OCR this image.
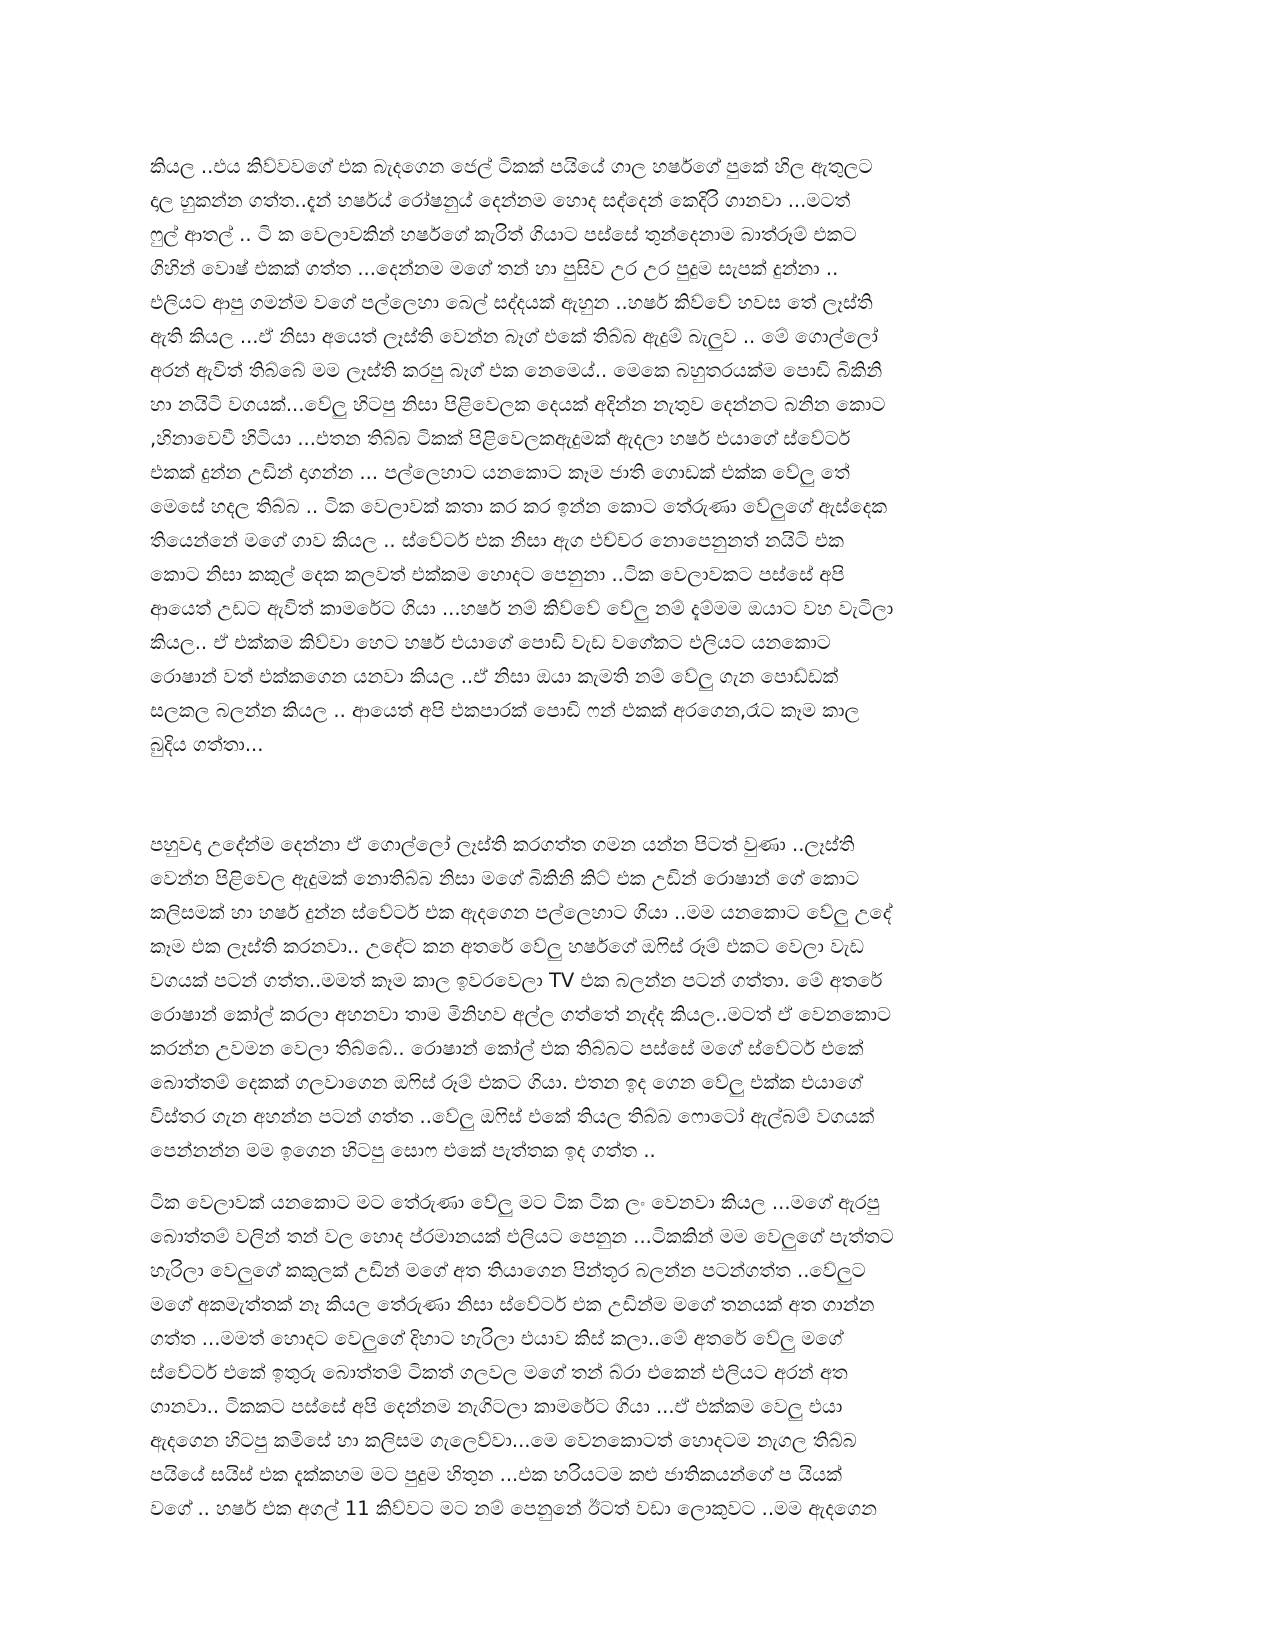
කියල ..එය කිව්වවගේ එක බැදගෙන ජෙල් ටිකක් පයියේ ගාල හර්ෂගේ පුකේ හිල ඇතුලට
දාල හුකන්න ගත්ත..දැන් හර්ෂය් රෝෂනුය් දෙන්නම හොද සද්දෙන් කෙදිරි ගානවා ...මටත්
ෆුල් ආතල් .. ටි ක වෙලාවකින් හර්ෂගේ කැරිත් ගියාට පස්සේ තුන්දෙනාම බාත්රූම් එකට
ගිහින් වොෂ් එකක් ගත්ත ...දෙන්නම මගේ තන් හා පුසිව උර උර පුදුම සැපක් දුන්නා ..
එලියට ආපු ගමන්ම වගේ පල්ලෙහා බෙල් සද්දයක් ඇහුන ..හර්ෂ කිව්වේ හවස තේ ලෑස්ති
ඇති කියල ...ඒ නිසා අයෙත් ලෑස්ති වෙන්න බෑග් එකේ තිබ්බ ඇදුම් බැලුව .. මේ ගොල්ලෝ
අරන් ඇවිත් තිබ්බේ මම ලෑස්ති කරපු බෑග් එක නෙමෙය්.. මෙකෙ බහුතරයක්ම පොඩි බිකිනි
හා නයිටි වගයක්...වේලු හිටපු නිසා පිළිවෙලක දෙයක් අදින්න නැතුව දෙන්නට බනින කොට
,හිනාවෙවී හිටියා ...එතන තිබ්බ ටිකක් පිළිවෙලකඇදුමක් ඇදලා හර්ෂ එයාගේ ස්වේටර්
එකක් දුන්න උඩින් දාගන්න ... පල්ලෙහාට යනකොට කෑම ජාති ගොඩක් එක්ක වේලු තේ
මෙසේ හදල තිබ්බ .. ටික වෙලාවක් කතා කර කර ඉන්න කොට තේරුණා වේලුගේ ඇස්දෙක
තියෙන්නේ මගේ ගාව කියල .. ස්වේටර් එක නිසා ඇග එච්චර නොපෙනුනත් නයිටි එක
කොට නිසා කකුල් දෙක කලවත් එක්කම හොදට පෙනුනා ..ටික වෙලාවකට පස්සේ අපි
ආයෙත් උඩට ඇවිත් කාමරේට ගියා ...හර්ෂ නම් කිව්වේ වේලු නම් දැම්මම ඔයාට වහ වැටිලා
කියල.. ඒ එක්කම කිව්වා හෙට හර්ෂ එයාගේ පොඩි වැඩ වගේකට එලියට යනකොට
රොෂාන් වත් එක්කගෙන යනවා කියල ..ඒ නිසා ඔයා කැමති නම් වේලු ගැන පොඩ්ඩක්
සලකල බලන්න කියල .. ආයෙත් අපි එකපාරක් පොඩි ෆන් එකක් අරගෙන,රෑට කෑම කාල
බුදිය ගත්තා...
පහුවදා උදේන්ම දෙන්නා ඒ ගොල්ලෝ ලෑස්ති කරගත්ත ගමන යන්න පිටත් වුණා ..ලෑස්ති
වෙන්න පිළිවෙල ඇදුමක් නොතිබ්බ නිසා මගේ බිකිනි කිට් එක උඩින් රොෂාන් ගේ කොට
කලිසමක් හා හර්ෂ දුන්න ස්වේටර් එක ඇදගෙන පල්ලෙහාට ගියා ..මම යනකොට වේලු උදේ
කෑම එක ලෑස්ති කරනවා.. උදේට කන අතරේ වේලු හර්ෂගේ ඔෆිස් රූම් එකට වෙලා වැඩ
වගයක් පටන් ගත්ත..මමත් කෑම කාල ඉවරවෙලා TV එක බලන්න පටන් ගත්තා. මේ අතරේ
රොෂාන් කෝල් කරලා අහනවා තාම මිනිහව අල්ල ගත්තේ නැද්ද කියල..මටත් ඒ වෙනකොට
කරන්න උවමන වෙලා තිබ්බේ.. රොෂාන් කෝල් එක තිබ්බට පස්සේ මගේ ස්වේටර් එකේ
බොත්තම් දෙකක් ගලවාගෙන ඔෆිස් රූම් එකට ගියා. එතන ඉද ගෙන වේලු එක්ක එයාගේ
විස්තර ගැන අහන්න පටන් ගත්ත ..වේලු ඔෆිස් එකේ තියල තිබ්බ ෆොටෝ ඇල්බම් වගයක්
පෙන්නන්න මම ඉගෙන හිටපු සොෆ එකේ පැත්තක ඉද ගත්ත ..
ටික වෙලාවක් යනකොට මට තේරුණා වේලු මට ටික ටික ලං වෙනවා කියල ...මගේ ඇරපු
බොත්තම් වලින් තන් වල හොද ප්රමානයක් එලියට පෙනුන ...ටිකකින් මම වෙලුගේ පැත්තට
හැරිලා වෙලුගේ කකුලක් උඩින් මගේ අත තියාගෙන පින්තූර බලන්න පටන්ගත්ත ..වේලුට
මගේ අකමැත්තක් නෑ කියල තේරුණා නිසා ස්වේටර් එක උඩින්ම මගේ තනයක් අත ගාන්න
ගත්ත ...මමත් හොදට වෙලුගේ දිහාට හැරිලා එයාව කිස් කලා..මේ අතරේ වේලු මගේ
ස්වේටර් එකේ ඉතුරු බොත්තම් ටිකත් ගලවල මගේ තන් බ්රා එකෙන් එලියට අරන් අත
ගානවා.. ටිකකට පස්සේ අපි දෙන්නම නැගිටලා කාමරේට ගියා ...ඒ එක්කම වෙලු එයා
ඇදගෙන හිටපු කමිසේ හා කලිසම ගැලෙව්වා...මෙ වෙනකොටත් හොදටම නැගල තිබ්බ
පයියේ සයිස් එක දැක්කහම මට පුදුම හිතුන ...එක හරියටම කළු ජාතිකයන්ගේ ප යියක්
වගේ .. හර්ෂ එක අගල් 11 කිව්වට මට නම් පෙනුනේ ඊටත් වඩා ලොකුවට ..මම ඇදගෙන
